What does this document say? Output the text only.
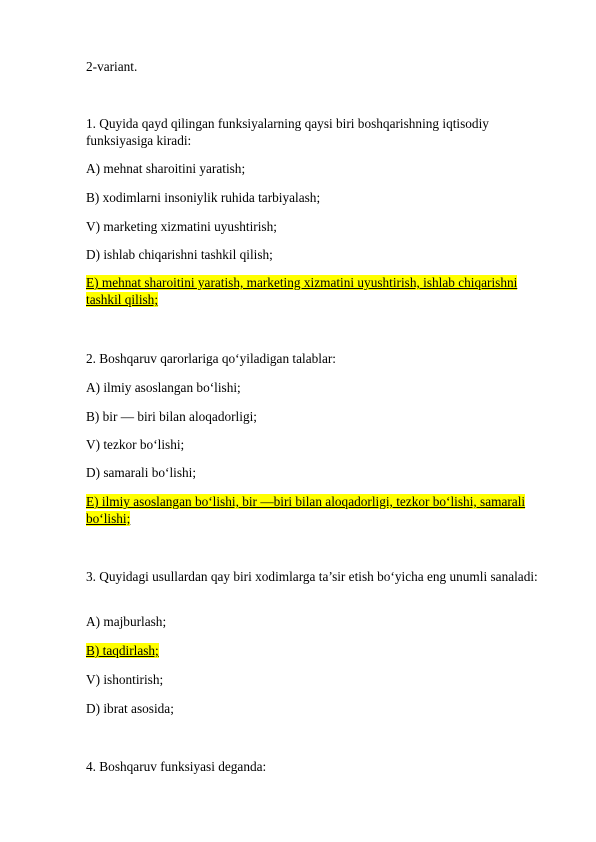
2-variant.
1. Quyida qayd qilingan funksiyalarning qaysi biri boshqarishning iqtisodiy funksiyasiga kiradi:
A) mehnat sharoitini yaratish;
B) xodimlarni insoniylik ruhida tarbiyalash;
V) marketing xizmatini uyushtirish;
D) ishlab chiqarishni tashkil qilish;
E) mehnat sharoitini yaratish, marketing xizmatini uyushtirish, ishlab chiqarishni tashkil qilish;
2. Boshqaruv qarorlariga qo‘yiladigan talablar:
A) ilmiy asoslangan bo‘lishi;
B) bir — biri bilan aloqadorligi;
V) tezkor bo‘lishi;
D) samarali bo‘lishi;
E) ilmiy asoslangan bo‘lishi, bir —biri bilan aloqadorligi, tezkor bo‘lishi, samarali bo‘lishi;
3. Quyidagi usullardan qay biri xodimlarga ta’sir etish bo‘yicha eng unumli sanaladi:
A) majburlash;
B) taqdirlash;
V) ishontirish;
D) ibrat asosida;
4. Boshqaruv funksiyasi deganda:
